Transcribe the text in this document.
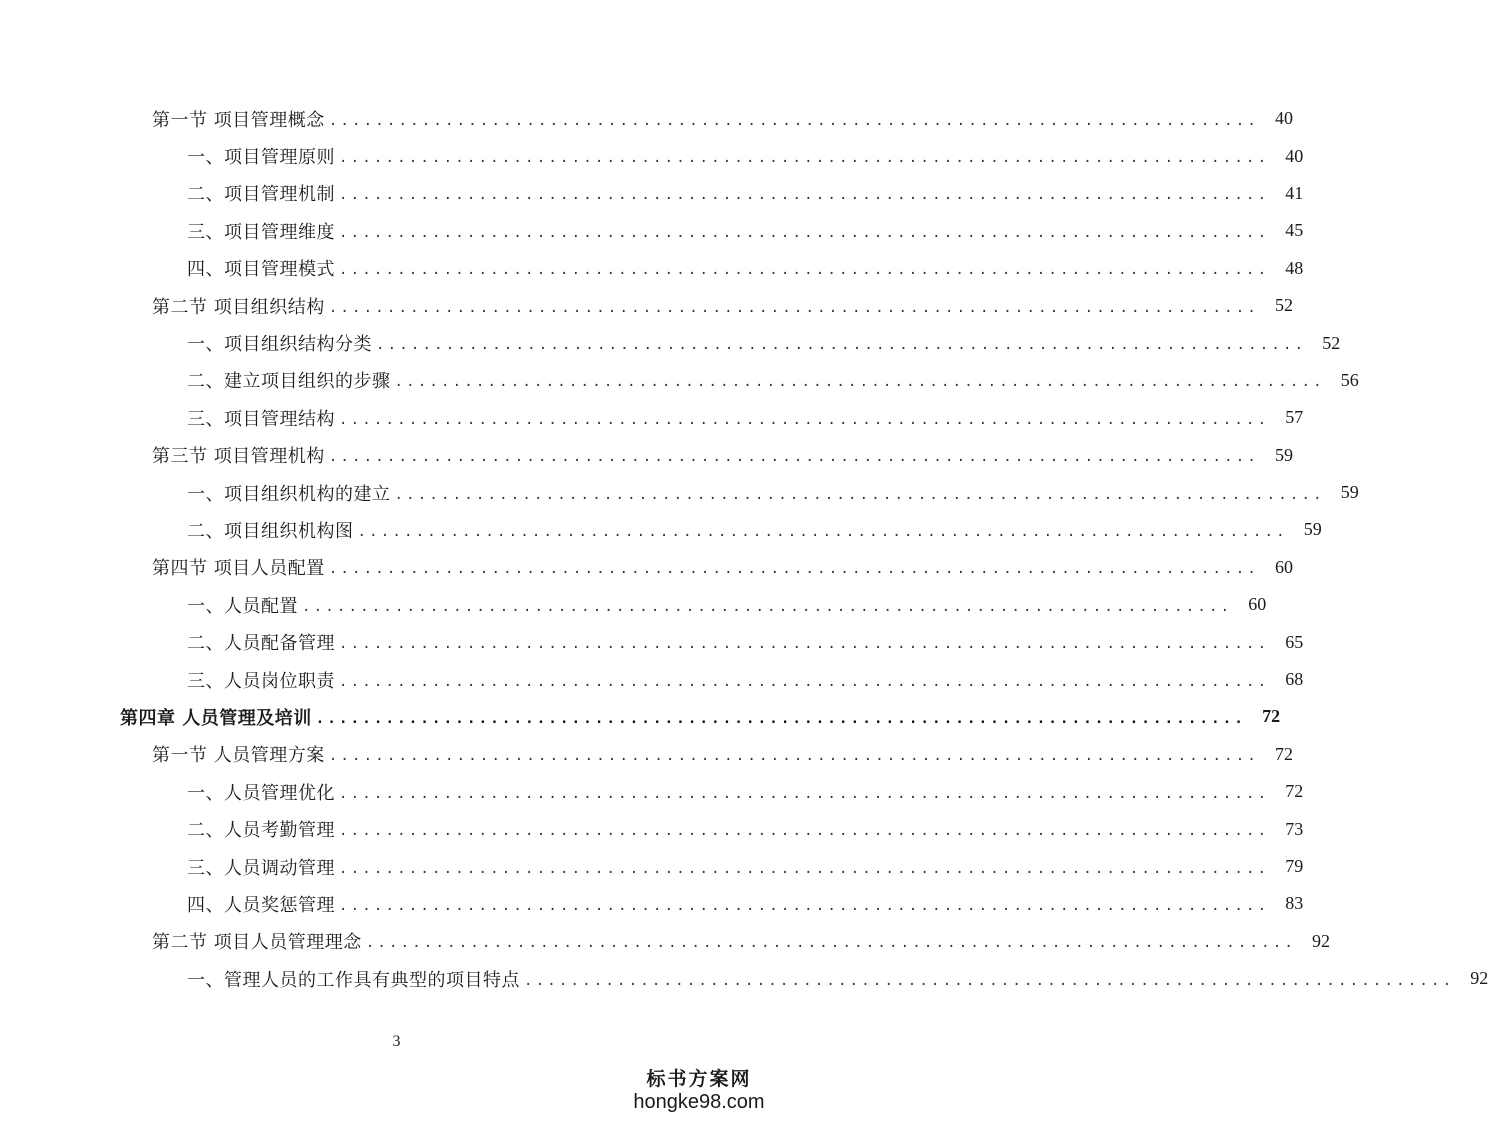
第一节 项目管理概念 ................................................................................ 40
一、项目管理原则 ................................................................................ 40
二、项目管理机制 ................................................................................ 41
三、项目管理维度 ................................................................................ 45
四、项目管理模式 ................................................................................ 48
第二节 项目组织结构 ................................................................................ 52
一、项目组织结构分类 ................................................................................ 52
二、建立项目组织的步骤 ................................................................................ 56
三、项目管理结构 ................................................................................ 57
第三节 项目管理机构 ................................................................................ 59
一、项目组织机构的建立 ................................................................................ 59
二、项目组织机构图 ................................................................................ 59
第四节 项目人员配置 ................................................................................ 60
一、人员配置 ................................................................................ 60
二、人员配备管理 ................................................................................ 65
三、人员岗位职责 ................................................................................ 68
第四章 人员管理及培训 ................................................................................ 72
第一节 人员管理方案 ................................................................................ 72
一、人员管理优化 ................................................................................ 72
二、人员考勤管理 ................................................................................ 73
三、人员调动管理 ................................................................................ 79
四、人员奖惩管理 ................................................................................ 83
第二节 项目人员管理理念 ................................................................................ 92
一、管理人员的工作具有典型的项目特点 ................................................................................ 92
3
标书方案网
hongke98.com
